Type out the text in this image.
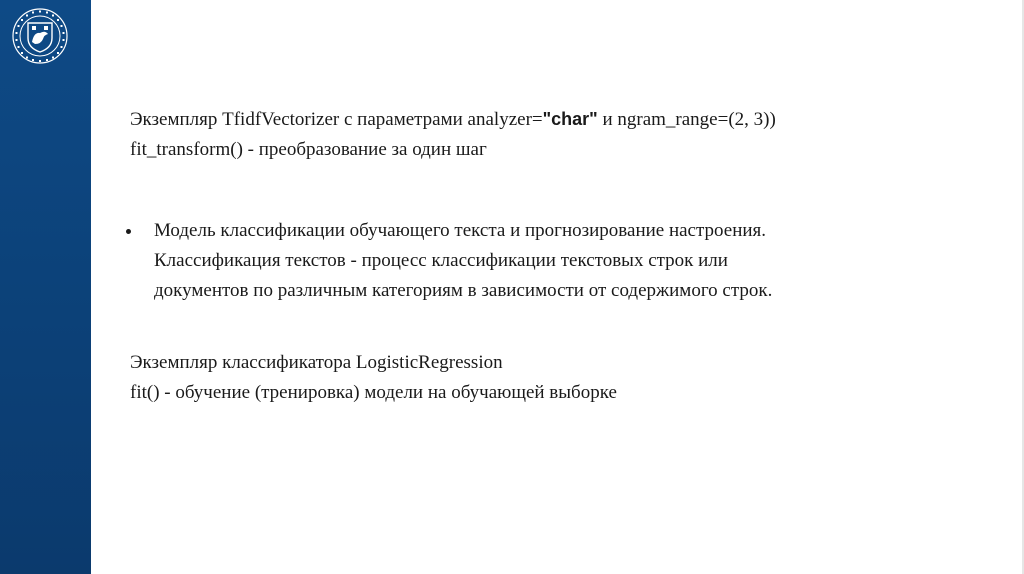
Экземпляр TfidfVectorizer с параметрами analyzer="char" и ngram_range=(2, 3))

fit_transform() - преобразование за один шаг

Модель классификации обучающего текста и прогнозирование настроения.

Классификация текстов - процесс классификации текстовых строк или

документов по различным категориям в зависимости от содержимого строк.

Экземпляр классификатора LogisticRegression

fit() - обучение (тренировка) модели на обучающей выборке
